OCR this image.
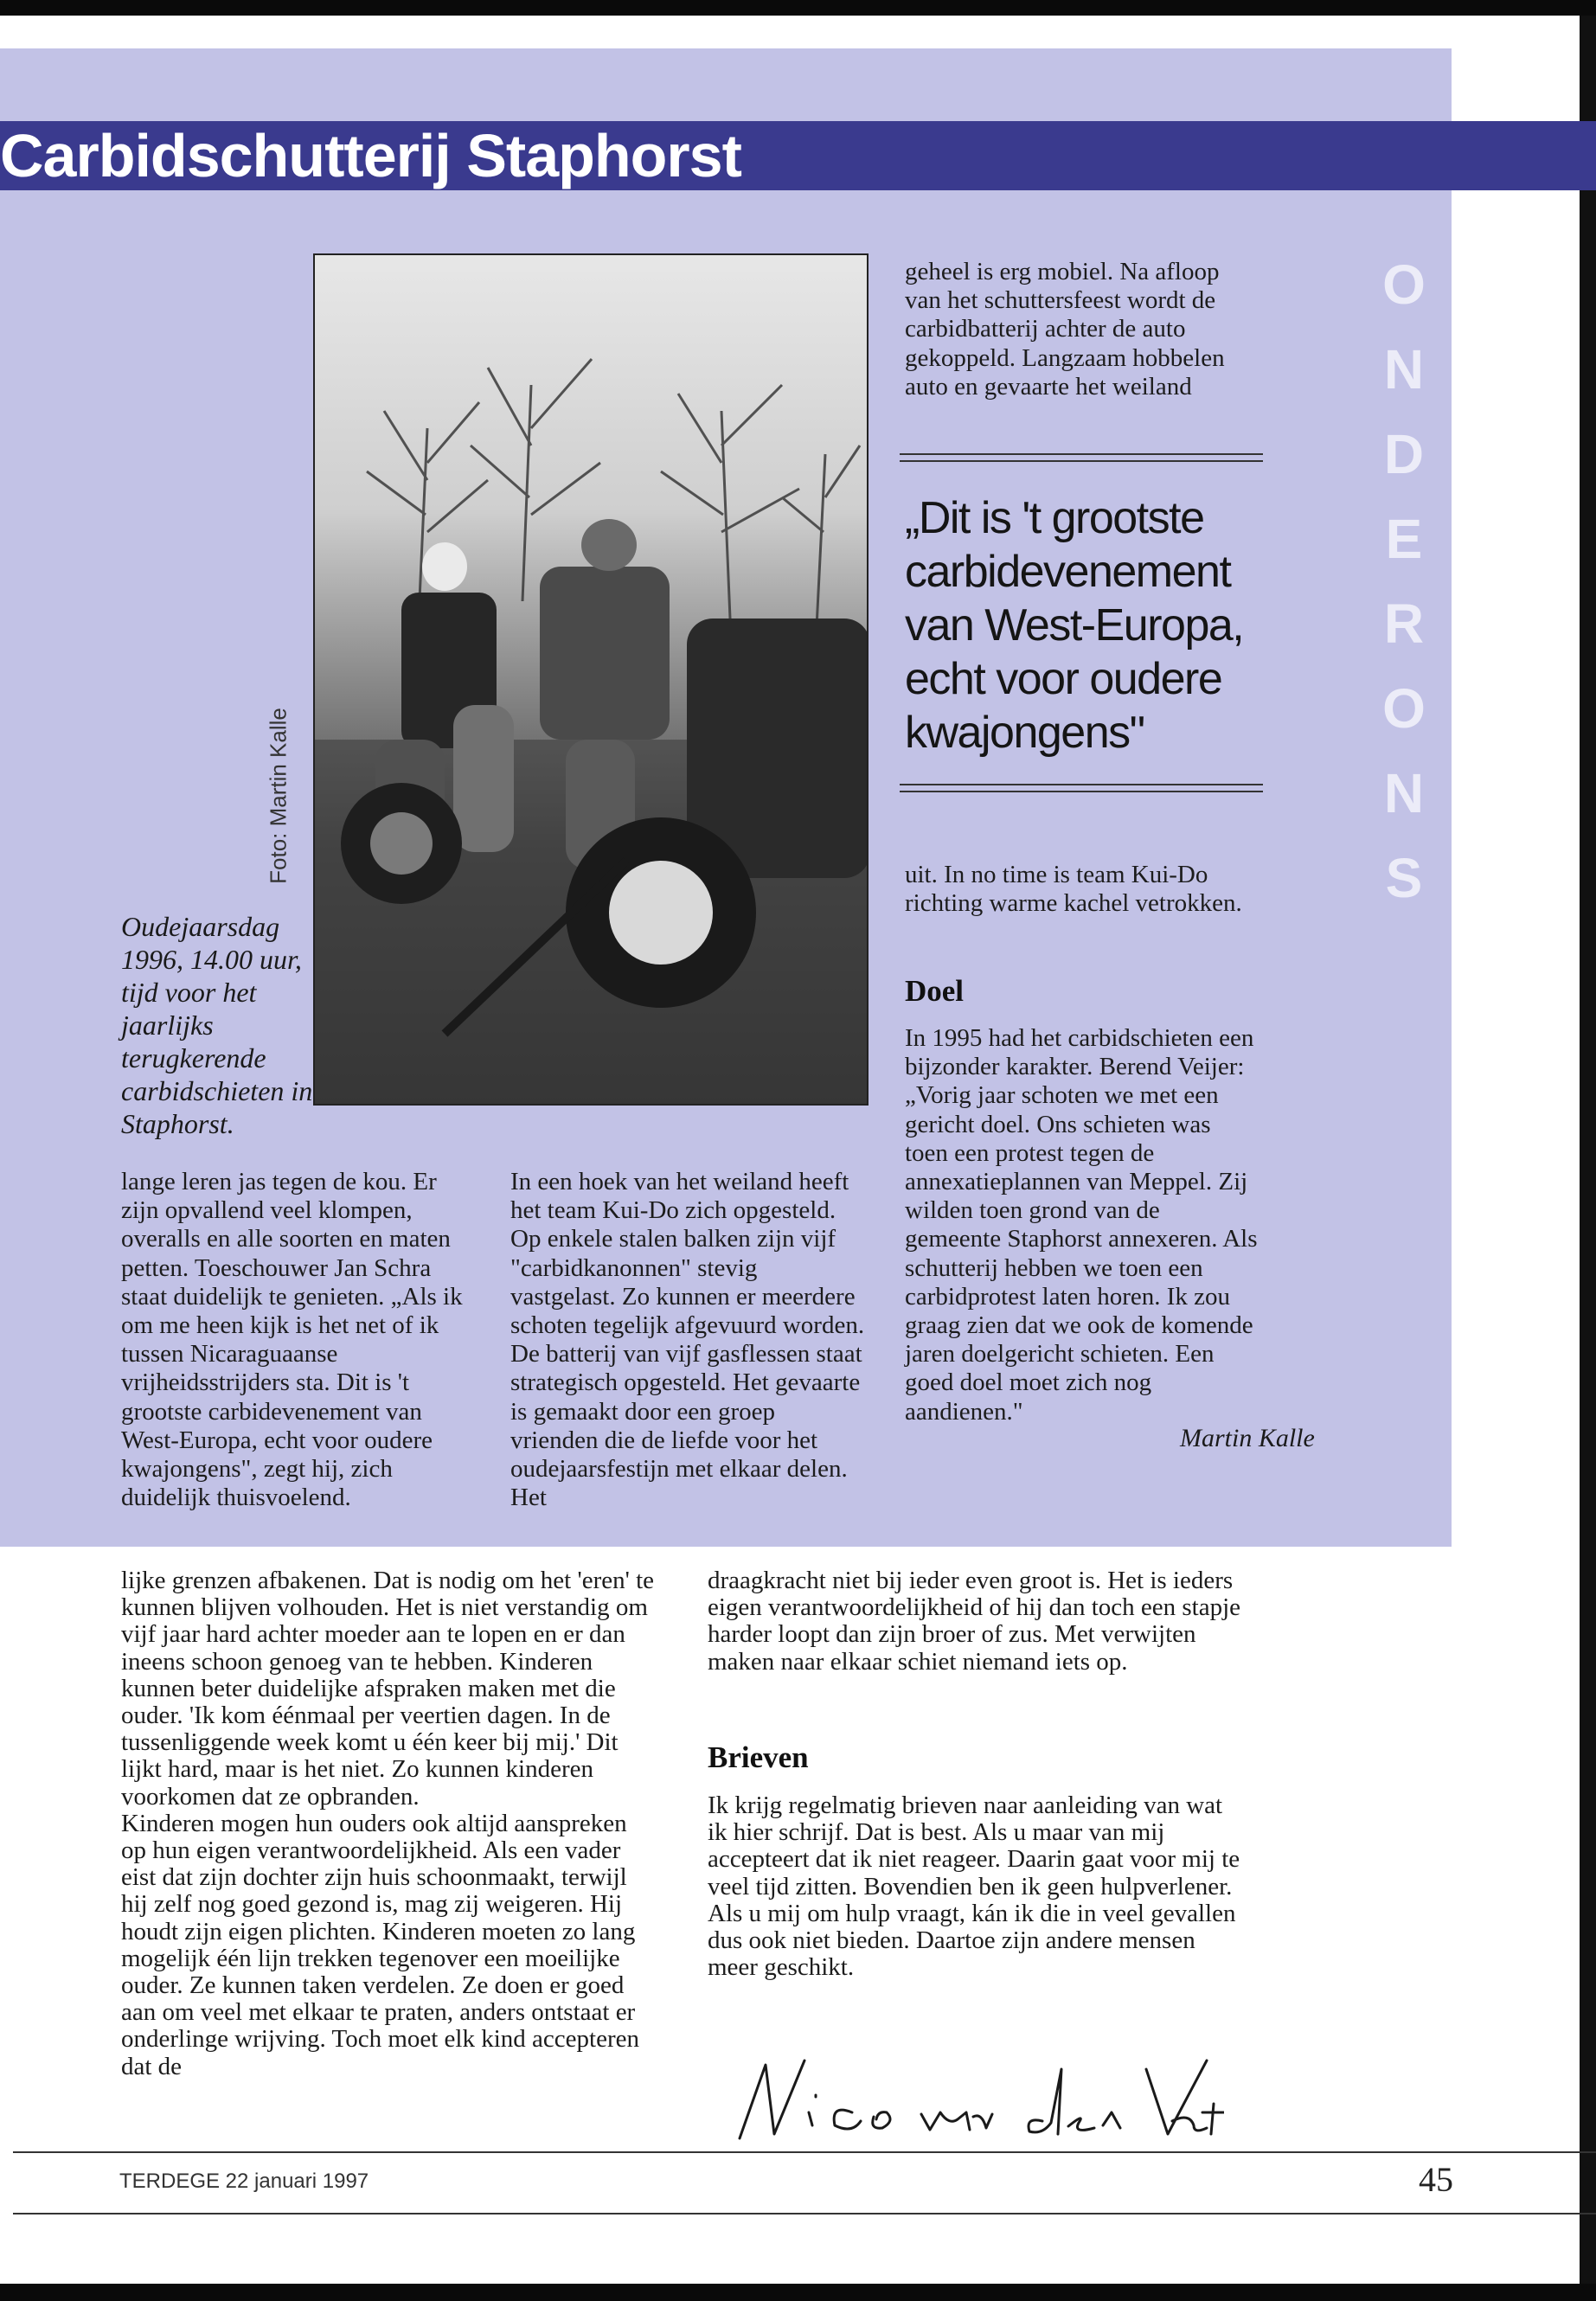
Carbidschutterij Staphorst
O
N
D
E
R
O
N
S
Foto: Martin Kalle
Oudejaarsdag 1996, 14.00 uur, tijd voor het jaarlijks terugkerende carbidschieten in Staphorst.
geheel is erg mobiel. Na afloop van het schuttersfeest wordt de carbidbatterij achter de auto gekoppeld. Langzaam hobbelen auto en gevaarte het weiland
„Dit is 't grootste carbidevenement van West-Europa, echt voor oudere kwajongens"
uit. In no time is team Kui-Do richting warme kachel vetrokken.
Doel
In 1995 had het carbidschieten een bijzonder karakter. Berend Veijer: „Vorig jaar schoten we met een gericht doel. Ons schieten was toen een protest tegen de annexatieplannen van Meppel. Zij wilden toen grond van de gemeente Staphorst annexeren. Als schutterij hebben we toen een carbidprotest laten horen. Ik zou graag zien dat we ook de komende jaren doelgericht schieten. Een goed doel moet zich nog aandienen."
Martin Kalle
lange leren jas tegen de kou. Er zijn opvallend veel klompen, overalls en alle soorten en maten petten. Toeschouwer Jan Schra staat duidelijk te genieten. „Als ik om me heen kijk is het net of ik tussen Nicaraguaanse vrijheidsstrijders sta. Dit is 't grootste carbidevenement van West-Europa, echt voor oudere kwajongens", zegt hij, zich duidelijk thuisvoelend.
In een hoek van het weiland heeft het team Kui-Do zich opgesteld. Op enkele stalen balken zijn vijf "carbidkanonnen" stevig vastgelast. Zo kunnen er meerdere schoten tegelijk afgevuurd worden. De batterij van vijf gasflessen staat strategisch opgesteld. Het gevaarte is gemaakt door een groep vrienden die de liefde voor het oudejaarsfestijn met elkaar delen. Het

lijke grenzen afbakenen. Dat is nodig om het 'eren' te kunnen blijven volhouden. Het is niet verstandig om vijf jaar hard achter moeder aan te lopen en er dan ineens schoon genoeg van te hebben. Kinderen kunnen beter duidelijke afspraken maken met die ouder. 'Ik kom éénmaal per veertien dagen. In de tussenliggende week komt u één keer bij mij.' Dit lijkt hard, maar is het niet. Zo kunnen kinderen voorkomen dat ze opbranden.

Kinderen mogen hun ouders ook altijd aanspreken op hun eigen verantwoordelijkheid. Als een vader eist dat zijn dochter zijn huis schoonmaakt, terwijl hij zelf nog goed gezond is, mag zij weigeren. Hij houdt zijn eigen plichten. Kinderen moeten zo lang mogelijk één lijn trekken tegenover een moeilijke ouder. Ze kunnen taken verdelen. Ze doen er goed aan om veel met elkaar te praten, anders ontstaat er onderlinge wrijving. Toch moet elk kind accepteren dat de

draagkracht niet bij ieder even groot is. Het is ieders eigen verantwoordelijkheid of hij dan toch een stapje harder loopt dan zijn broer of zus. Met verwijten maken naar elkaar schiet niemand iets op.
Brieven
Ik krijg regelmatig brieven naar aanleiding van wat ik hier schrijf. Dat is best. Als u maar van mij accepteert dat ik niet reageer. Daarin gaat voor mij te veel tijd zitten. Bovendien ben ik geen hulpverlener. Als u mij om hulp vraagt, kán ik die in veel gevallen dus ook niet bieden. Daartoe zijn andere mensen meer geschikt.
TERDEGE 22 januari 1997	45
